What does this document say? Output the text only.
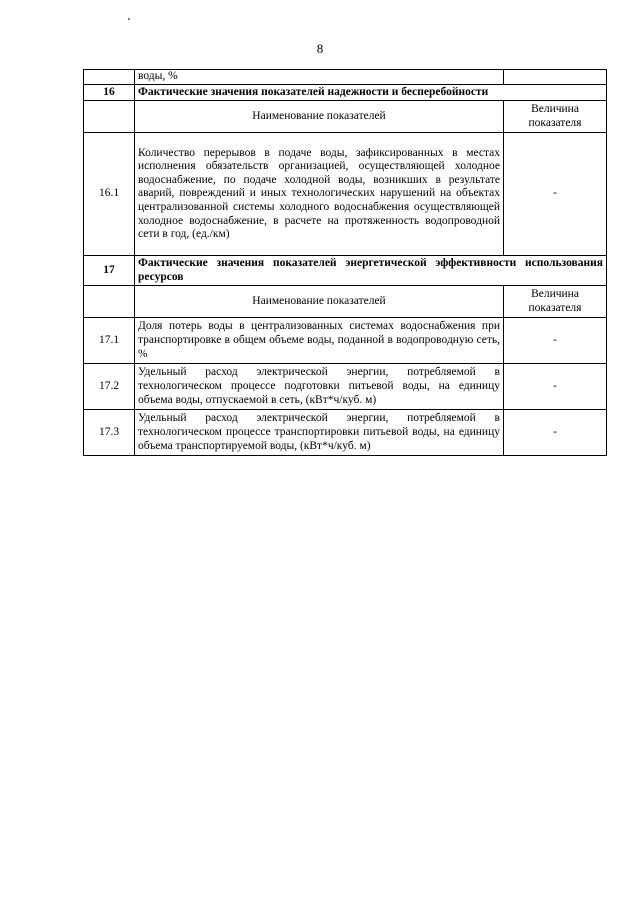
8
	воды, %	
16	Фактические значения показателей надежности и бесперебойности	
	Наименование показателей	Величина показателя
16.1	Количество перерывов в подаче воды, зафиксированных в местах исполнения обязательств организацией, осуществляющей холодное водоснабжение, по подаче холодной воды, возникших в результате аварий, повреждений и иных технологических нарушений на объектах централизованной системы холодного водоснабжения осуществляющей холодное водоснабжение, в расчете на протяженность водопроводной сети в год, (ед./км)	-
17	Фактические значения показателей энергетической эффективности использования ресурсов	
	Наименование показателей	Величина показателя
17.1	Доля потерь воды в централизованных системах водоснабжения при транспортировке в общем объеме воды, поданной в водопроводную сеть, %	-
17.2	Удельный расход электрической энергии, потребляемой в технологическом процессе подготовки питьевой воды, на единицу объема воды, отпускаемой в сеть, (кВт*ч/куб. м)	-
17.3	Удельный расход электрической энергии, потребляемой в технологическом процессе транспортировки питьевой воды, на единицу объема транспортируемой воды, (кВт*ч/куб. м)	-
